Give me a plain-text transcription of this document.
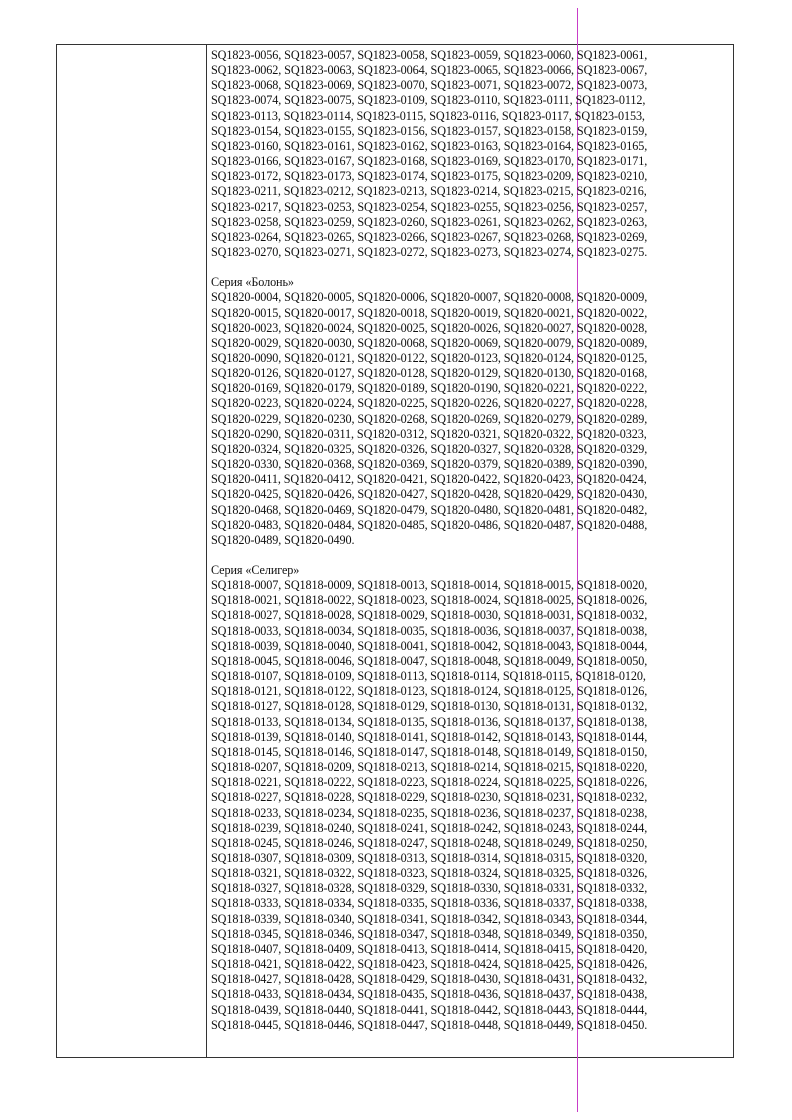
SQ1823-0056, SQ1823-0057, SQ1823-0058, SQ1823-0059, SQ1823-0060, SQ1823-0061,
SQ1823-0062, SQ1823-0063, SQ1823-0064, SQ1823-0065, SQ1823-0066, SQ1823-0067,
SQ1823-0068, SQ1823-0069, SQ1823-0070, SQ1823-0071, SQ1823-0072, SQ1823-0073,
SQ1823-0074, SQ1823-0075, SQ1823-0109, SQ1823-0110, SQ1823-0111, SQ1823-0112,
SQ1823-0113, SQ1823-0114, SQ1823-0115, SQ1823-0116, SQ1823-0117, SQ1823-0153,
SQ1823-0154, SQ1823-0155, SQ1823-0156, SQ1823-0157, SQ1823-0158, SQ1823-0159,
SQ1823-0160, SQ1823-0161, SQ1823-0162, SQ1823-0163, SQ1823-0164, SQ1823-0165,
SQ1823-0166, SQ1823-0167, SQ1823-0168, SQ1823-0169, SQ1823-0170, SQ1823-0171,
SQ1823-0172, SQ1823-0173, SQ1823-0174, SQ1823-0175, SQ1823-0209, SQ1823-0210,
SQ1823-0211, SQ1823-0212, SQ1823-0213, SQ1823-0214, SQ1823-0215, SQ1823-0216,
SQ1823-0217, SQ1823-0253, SQ1823-0254, SQ1823-0255, SQ1823-0256, SQ1823-0257,
SQ1823-0258, SQ1823-0259, SQ1823-0260, SQ1823-0261, SQ1823-0262, SQ1823-0263,
SQ1823-0264, SQ1823-0265, SQ1823-0266, SQ1823-0267, SQ1823-0268, SQ1823-0269,
SQ1823-0270, SQ1823-0271, SQ1823-0272, SQ1823-0273, SQ1823-0274, SQ1823-0275.
Серия «Болонь»
SQ1820-0004, SQ1820-0005, SQ1820-0006, SQ1820-0007, SQ1820-0008, SQ1820-0009,
SQ1820-0015, SQ1820-0017, SQ1820-0018, SQ1820-0019, SQ1820-0021, SQ1820-0022,
SQ1820-0023, SQ1820-0024, SQ1820-0025, SQ1820-0026, SQ1820-0027, SQ1820-0028,
SQ1820-0029, SQ1820-0030, SQ1820-0068, SQ1820-0069, SQ1820-0079, SQ1820-0089,
SQ1820-0090, SQ1820-0121, SQ1820-0122, SQ1820-0123, SQ1820-0124, SQ1820-0125,
SQ1820-0126, SQ1820-0127, SQ1820-0128, SQ1820-0129, SQ1820-0130, SQ1820-0168,
SQ1820-0169, SQ1820-0179, SQ1820-0189, SQ1820-0190, SQ1820-0221, SQ1820-0222,
SQ1820-0223, SQ1820-0224, SQ1820-0225, SQ1820-0226, SQ1820-0227, SQ1820-0228,
SQ1820-0229, SQ1820-0230, SQ1820-0268, SQ1820-0269, SQ1820-0279, SQ1820-0289,
SQ1820-0290, SQ1820-0311, SQ1820-0312, SQ1820-0321, SQ1820-0322, SQ1820-0323,
SQ1820-0324, SQ1820-0325, SQ1820-0326, SQ1820-0327, SQ1820-0328, SQ1820-0329,
SQ1820-0330, SQ1820-0368, SQ1820-0369, SQ1820-0379, SQ1820-0389, SQ1820-0390,
SQ1820-0411, SQ1820-0412, SQ1820-0421, SQ1820-0422, SQ1820-0423, SQ1820-0424,
SQ1820-0425, SQ1820-0426, SQ1820-0427, SQ1820-0428, SQ1820-0429, SQ1820-0430,
SQ1820-0468, SQ1820-0469, SQ1820-0479, SQ1820-0480, SQ1820-0481, SQ1820-0482,
SQ1820-0483, SQ1820-0484, SQ1820-0485, SQ1820-0486, SQ1820-0487, SQ1820-0488,
SQ1820-0489, SQ1820-0490.
Серия «Селигер»
SQ1818-0007, SQ1818-0009, SQ1818-0013, SQ1818-0014, SQ1818-0015, SQ1818-0020,
SQ1818-0021, SQ1818-0022, SQ1818-0023, SQ1818-0024, SQ1818-0025, SQ1818-0026,
SQ1818-0027, SQ1818-0028, SQ1818-0029, SQ1818-0030, SQ1818-0031, SQ1818-0032,
SQ1818-0033, SQ1818-0034, SQ1818-0035, SQ1818-0036, SQ1818-0037, SQ1818-0038,
SQ1818-0039, SQ1818-0040, SQ1818-0041, SQ1818-0042, SQ1818-0043, SQ1818-0044,
SQ1818-0045, SQ1818-0046, SQ1818-0047, SQ1818-0048, SQ1818-0049, SQ1818-0050,
SQ1818-0107, SQ1818-0109, SQ1818-0113, SQ1818-0114, SQ1818-0115, SQ1818-0120,
SQ1818-0121, SQ1818-0122, SQ1818-0123, SQ1818-0124, SQ1818-0125, SQ1818-0126,
SQ1818-0127, SQ1818-0128, SQ1818-0129, SQ1818-0130, SQ1818-0131, SQ1818-0132,
SQ1818-0133, SQ1818-0134, SQ1818-0135, SQ1818-0136, SQ1818-0137, SQ1818-0138,
SQ1818-0139, SQ1818-0140, SQ1818-0141, SQ1818-0142, SQ1818-0143, SQ1818-0144,
SQ1818-0145, SQ1818-0146, SQ1818-0147, SQ1818-0148, SQ1818-0149, SQ1818-0150,
SQ1818-0207, SQ1818-0209, SQ1818-0213, SQ1818-0214, SQ1818-0215, SQ1818-0220,
SQ1818-0221, SQ1818-0222, SQ1818-0223, SQ1818-0224, SQ1818-0225, SQ1818-0226,
SQ1818-0227, SQ1818-0228, SQ1818-0229, SQ1818-0230, SQ1818-0231, SQ1818-0232,
SQ1818-0233, SQ1818-0234, SQ1818-0235, SQ1818-0236, SQ1818-0237, SQ1818-0238,
SQ1818-0239, SQ1818-0240, SQ1818-0241, SQ1818-0242, SQ1818-0243, SQ1818-0244,
SQ1818-0245, SQ1818-0246, SQ1818-0247, SQ1818-0248, SQ1818-0249, SQ1818-0250,
SQ1818-0307, SQ1818-0309, SQ1818-0313, SQ1818-0314, SQ1818-0315, SQ1818-0320,
SQ1818-0321, SQ1818-0322, SQ1818-0323, SQ1818-0324, SQ1818-0325, SQ1818-0326,
SQ1818-0327, SQ1818-0328, SQ1818-0329, SQ1818-0330, SQ1818-0331, SQ1818-0332,
SQ1818-0333, SQ1818-0334, SQ1818-0335, SQ1818-0336, SQ1818-0337, SQ1818-0338,
SQ1818-0339, SQ1818-0340, SQ1818-0341, SQ1818-0342, SQ1818-0343, SQ1818-0344,
SQ1818-0345, SQ1818-0346, SQ1818-0347, SQ1818-0348, SQ1818-0349, SQ1818-0350,
SQ1818-0407, SQ1818-0409, SQ1818-0413, SQ1818-0414, SQ1818-0415, SQ1818-0420,
SQ1818-0421, SQ1818-0422, SQ1818-0423, SQ1818-0424, SQ1818-0425, SQ1818-0426,
SQ1818-0427, SQ1818-0428, SQ1818-0429, SQ1818-0430, SQ1818-0431, SQ1818-0432,
SQ1818-0433, SQ1818-0434, SQ1818-0435, SQ1818-0436, SQ1818-0437, SQ1818-0438,
SQ1818-0439, SQ1818-0440, SQ1818-0441, SQ1818-0442, SQ1818-0443, SQ1818-0444,
SQ1818-0445, SQ1818-0446, SQ1818-0447, SQ1818-0448, SQ1818-0449, SQ1818-0450.
